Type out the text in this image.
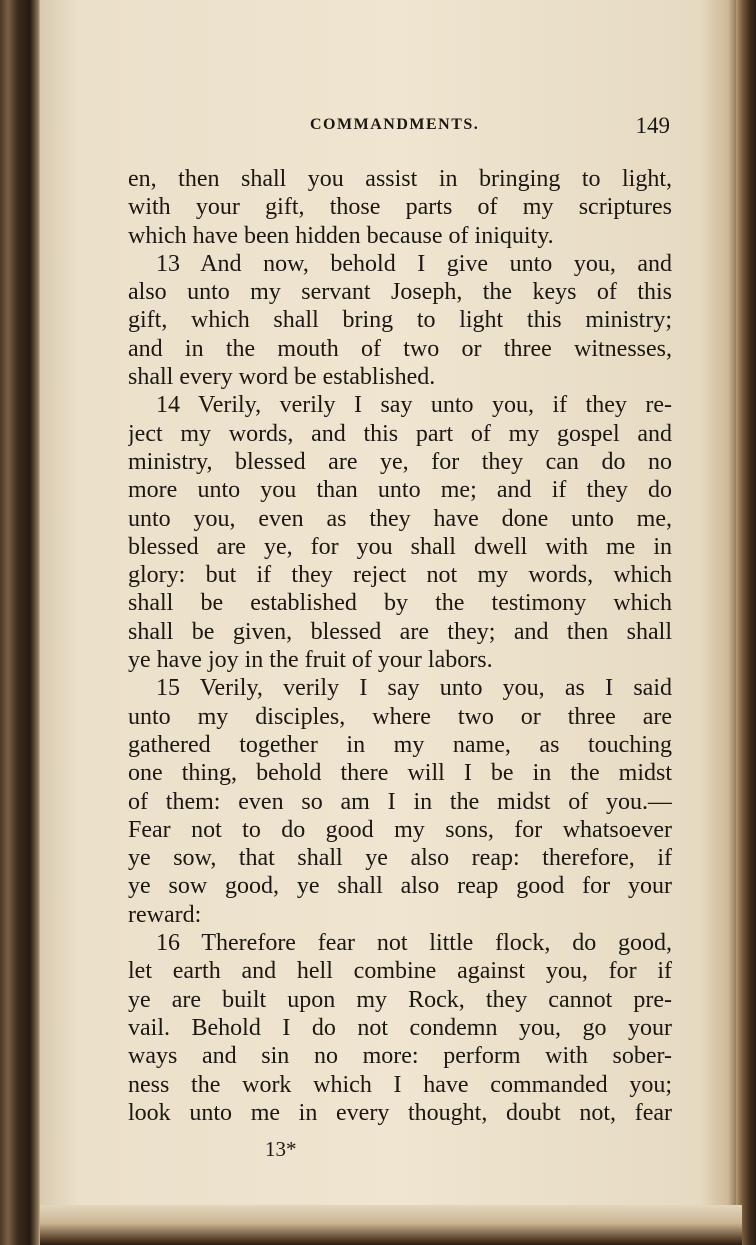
COMMANDMENTS.	149
en, then shall you assist in bringing to light,
with your gift, those parts of my scriptures
which have been hidden because of iniquity.
13 And now, behold I give unto you, and
also unto my servant Joseph, the keys of this
gift, which shall bring to light this ministry;
and in the mouth of two or three witnesses,
shall every word be established.
14 Verily, verily I say unto you, if they re-
ject my words, and this part of my gospel and
ministry, blessed are ye, for they can do no
more unto you than unto me; and if they do
unto you, even as they have done unto me,
blessed are ye, for you shall dwell with me in
glory: but if they reject not my words, which
shall be established by the testimony which
shall be given, blessed are they; and then shall
ye have joy in the fruit of your labors.
15 Verily, verily I say unto you, as I said
unto my disciples, where two or three are
gathered together in my name, as touching
one thing, behold there will I be in the midst
of them: even so am I in the midst of you.—
Fear not to do good my sons, for whatsoever
ye sow, that shall ye also reap: therefore, if
ye sow good, ye shall also reap good for your
reward:
16 Therefore fear not little flock, do good,
let earth and hell combine against you, for if
ye are built upon my Rock, they cannot pre-
vail. Behold I do not condemn you, go your
ways and sin no more: perform with sober-
ness the work which I have commanded you;
look unto me in every thought, doubt not, fear
13*
